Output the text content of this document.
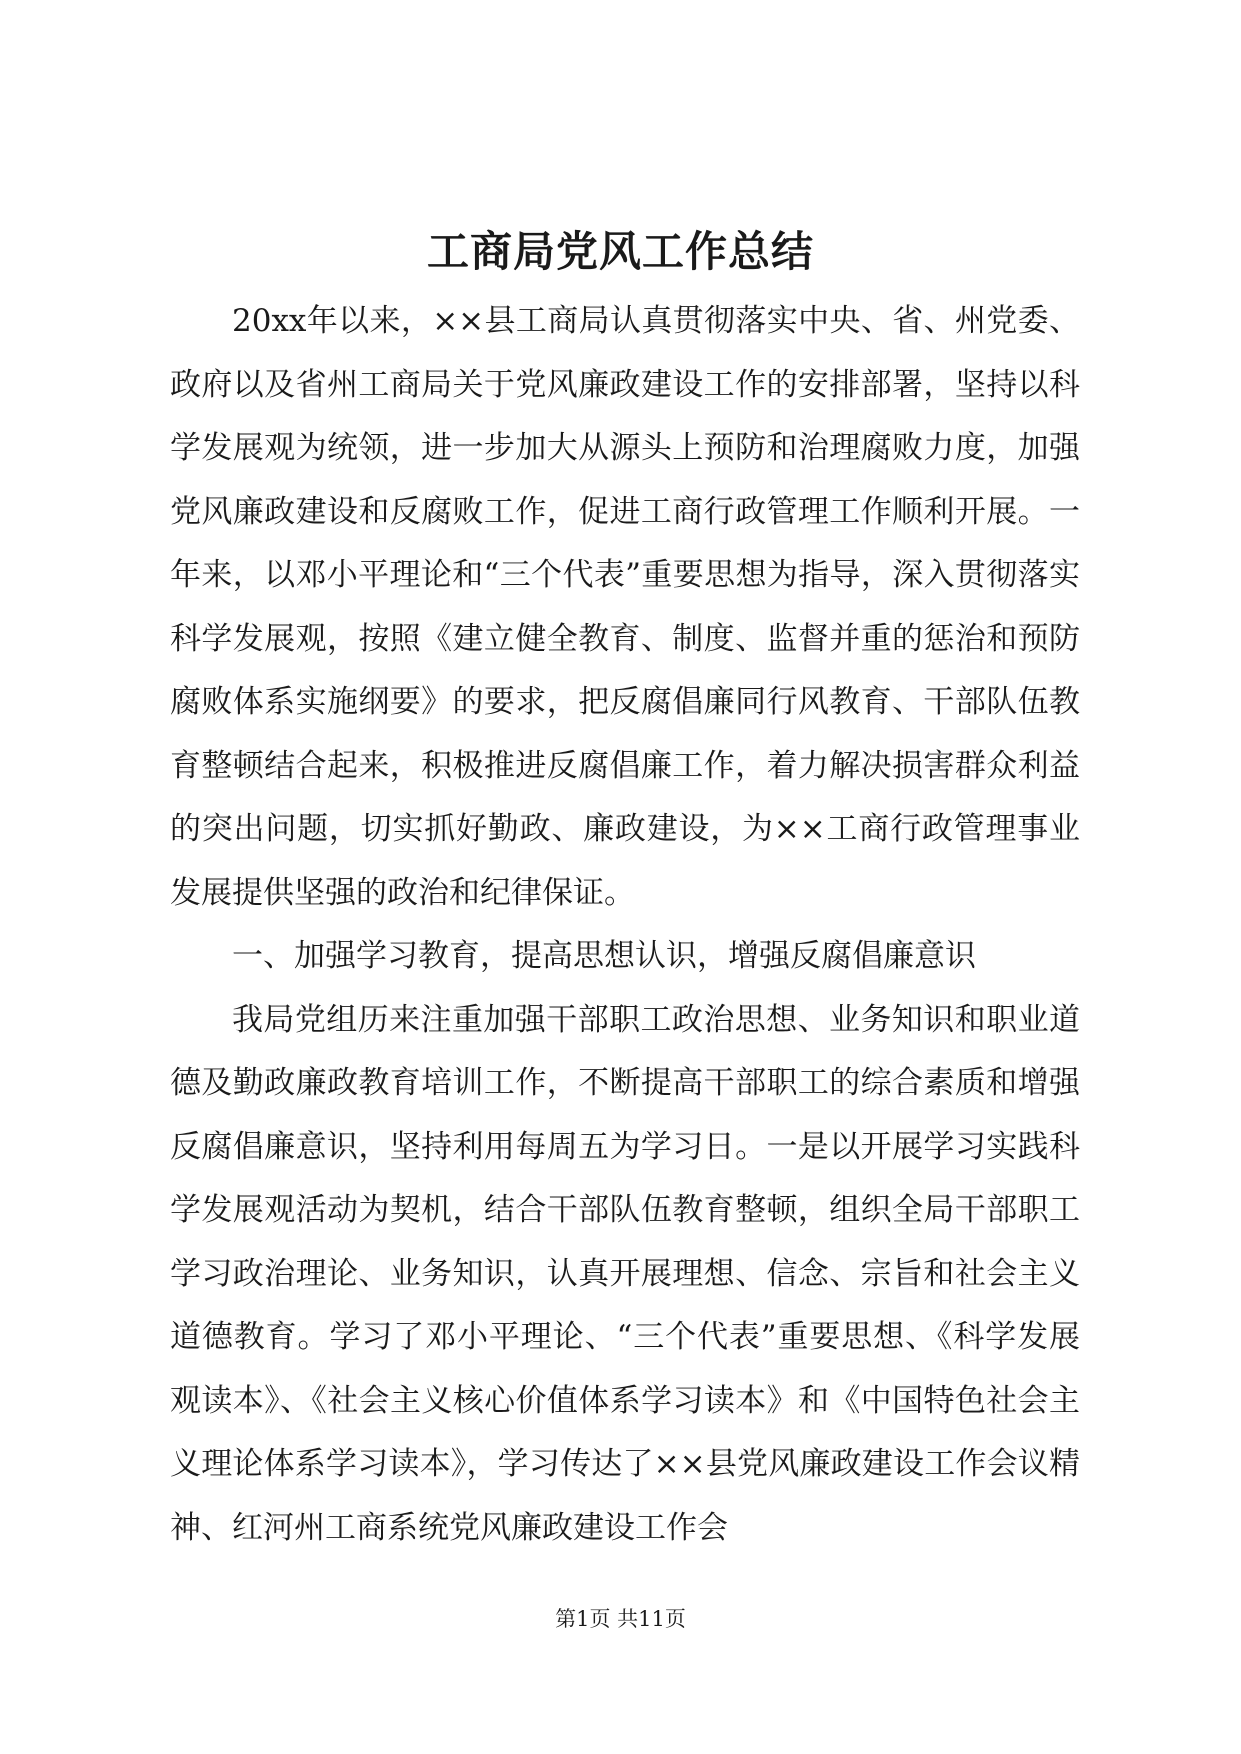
工商局党风工作总结

20xx年以来，××县工商局认真贯彻落实中央、省、州党委、政府以及省州工商局关于党风廉政建设工作的安排部署，坚持以科学发展观为统领，进一步加大从源头上预防和治理腐败力度，加强党风廉政建设和反腐败工作，促进工商行政管理工作顺利开展。一年来，以邓小平理论和“三个代表”重要思想为指导，深入贯彻落实科学发展观，按照《建立健全教育、制度、监督并重的惩治和预防腐败体系实施纲要》的要求，把反腐倡廉同行风教育、干部队伍教育整顿结合起来，积极推进反腐倡廉工作，着力解决损害群众利益的突出问题，切实抓好勤政、廉政建设，为××工商行政管理事业发展提供坚强的政治和纪律保证。

一、加强学习教育，提高思想认识，增强反腐倡廉意识

我局党组历来注重加强干部职工政治思想、业务知识和职业道德及勤政廉政教育培训工作，不断提高干部职工的综合素质和增强反腐倡廉意识，坚持利用每周五为学习日。一是以开展学习实践科学发展观活动为契机，结合干部队伍教育整顿，组织全局干部职工学习政治理论、业务知识，认真开展理想、信念、宗旨和社会主义道德教育。学习了邓小平理论、“三个代表”重要思想、《科学发展观读本》、《社会主义核心价值体系学习读本》和《中国特色社会主义理论体系学习读本》，学习传达了××县党风廉政建设工作会议精神、红河州工商系统党风廉政建设工作会

第1页 共11页
